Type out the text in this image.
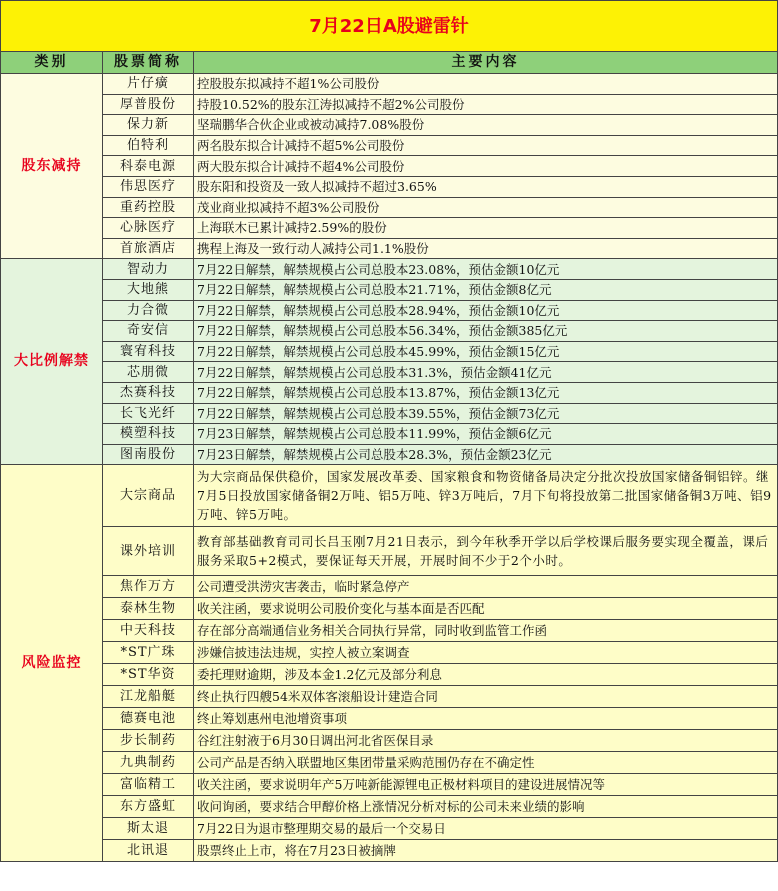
7月22日A股避雷针		
类别	股票简称	主要内容
股东减持	片仔癀	控股股东拟减持不超1%公司股份
	厚普股份	持股10.52%的股东江涛拟减持不超2%公司股份
	保力新	坚瑞鹏华合伙企业或被动减持7.08%股份
	伯特利	两名股东拟合计减持不超5%公司股份
	科泰电源	两大股东拟合计减持不超4%公司股份
	伟思医疗	股东阳和投资及一致人拟减持不超过3.65%
	重药控股	茂业商业拟减持不超3%公司股份
	心脉医疗	上海联木已累计减持2.59%的股份
	首旅酒店	携程上海及一致行动人减持公司1.1%股份
大比例解禁	智动力	7月22日解禁，解禁规模占公司总股本23.08%，预估金额10亿元
	大地熊	7月22日解禁，解禁规模占公司总股本21.71%，预估金额8亿元
	力合微	7月22日解禁，解禁规模占公司总股本28.94%，预估金额10亿元
	奇安信	7月22日解禁，解禁规模占公司总股本56.34%，预估金额385亿元
	寰宥科技	7月22日解禁，解禁规模占公司总股本45.99%，预估金额15亿元
	芯朋微	7月22日解禁，解禁规模占公司总股本31.3%，预估金额41亿元
	杰赛科技	7月22日解禁，解禁规模占公司总股本13.87%，预估金额13亿元
	长飞光纤	7月22日解禁，解禁规模占公司总股本39.55%，预估金额73亿元
	模塑科技	7月23日解禁，解禁规模占公司总股本11.99%，预估金额6亿元
	图南股份	7月23日解禁，解禁规模占公司总股本28.3%，预估金额23亿元
风险监控	大宗商品	为大宗商品保供稳价，国家发展改革委、国家粮食和物资储备局决定分批次投放国家储备铜铝锌。继7月5日投放国家储备铜2万吨、铝5万吨、锌3万吨后，7月下旬将投放第二批国家储备铜3万吨、铝9万吨、锌5万吨。
	课外培训	教育部基础教育司司长吕玉刚7月21日表示，到今年秋季开学以后学校课后服务要实现全覆盖，课后服务采取5+2模式，要保证每天开展，开展时间不少于2个小时。
	焦作万方	公司遭受洪涝灾害袭击，临时紧急停产
	泰林生物	收关注函，要求说明公司股价变化与基本面是否匹配
	中天科技	存在部分高端通信业务相关合同执行异常，同时收到监管工作函
	*ST广珠	涉嫌信披违法违规，实控人被立案调查
	*ST华资	委托理财逾期，涉及本金1.2亿元及部分利息
	江龙船艇	终止执行四艘54米双体客滚船设计建造合同
	德赛电池	终止筹划惠州电池增资事项
	步长制药	谷红注射液于6月30日调出河北省医保目录
	九典制药	公司产品是否纳入联盟地区集团带量采购范围仍存在不确定性
	富临精工	收关注函，要求说明年产5万吨新能源锂电正极材料项目的建设进展情况等
	东方盛虹	收问询函，要求结合甲醇价格上涨情况分析对标的公司未来业绩的影响
	斯太退	7月22日为退市整理期交易的最后一个交易日
	北讯退	股票终止上市，将在7月23日被摘牌
